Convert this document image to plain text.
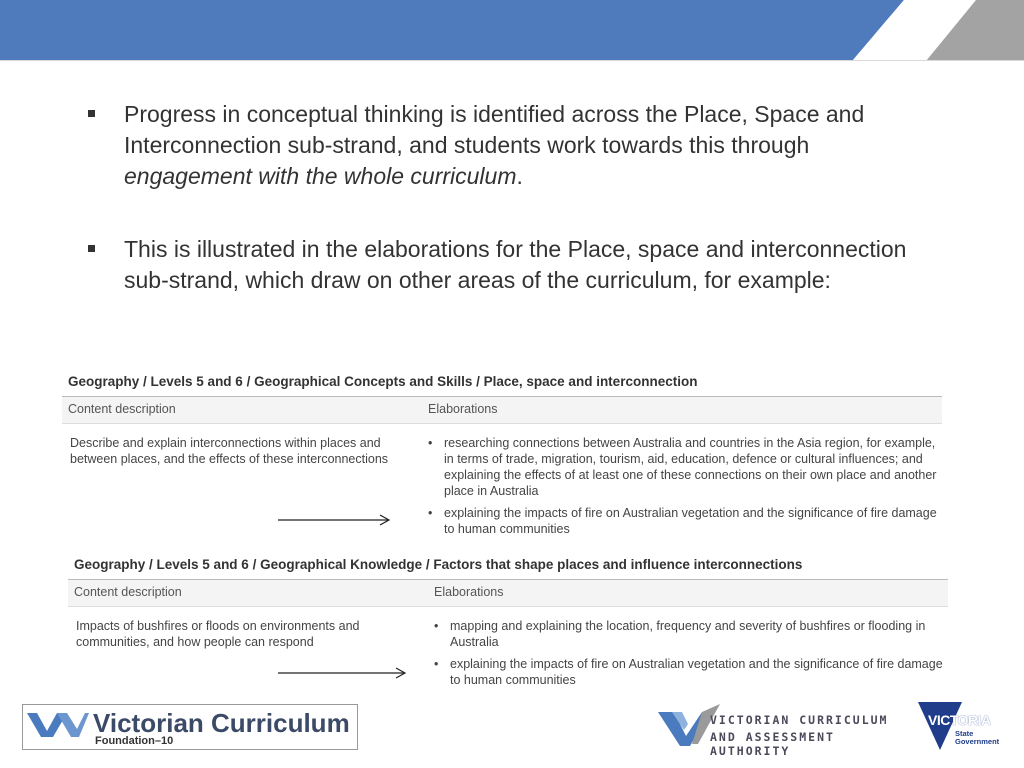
Progress in conceptual thinking is identified across the Place, Space and Interconnection sub-strand, and students work towards this through engagement with the whole curriculum.
This is illustrated in the elaborations for the Place, space and interconnection sub-strand, which draw on other areas of the curriculum, for example:
Geography / Levels 5 and 6 / Geographical Concepts and Skills / Place, space and interconnection
Content description	Elaborations
Describe and explain interconnections within places and between places, and the effects of these interconnections
• researching connections between Australia and countries in the Asia region, for example, in terms of trade, migration, tourism, aid, education, defence or cultural influences; and explaining the effects of at least one of these connections on their own place and another place in Australia
• explaining the impacts of fire on Australian vegetation and the significance of fire damage to human communities
Geography / Levels 5 and 6 / Geographical Knowledge / Factors that shape places and influence interconnections
Content description	Elaborations
Impacts of bushfires or floods on environments and communities, and how people can respond
• mapping and explaining the location, frequency and severity of bushfires or flooding in Australia
• explaining the impacts of fire on Australian vegetation and the significance of fire damage to human communities
Victorian Curriculum
Foundation–10
VICTORIAN CURRICULUM
AND ASSESSMENT AUTHORITY
VICTORIA
State
Government
